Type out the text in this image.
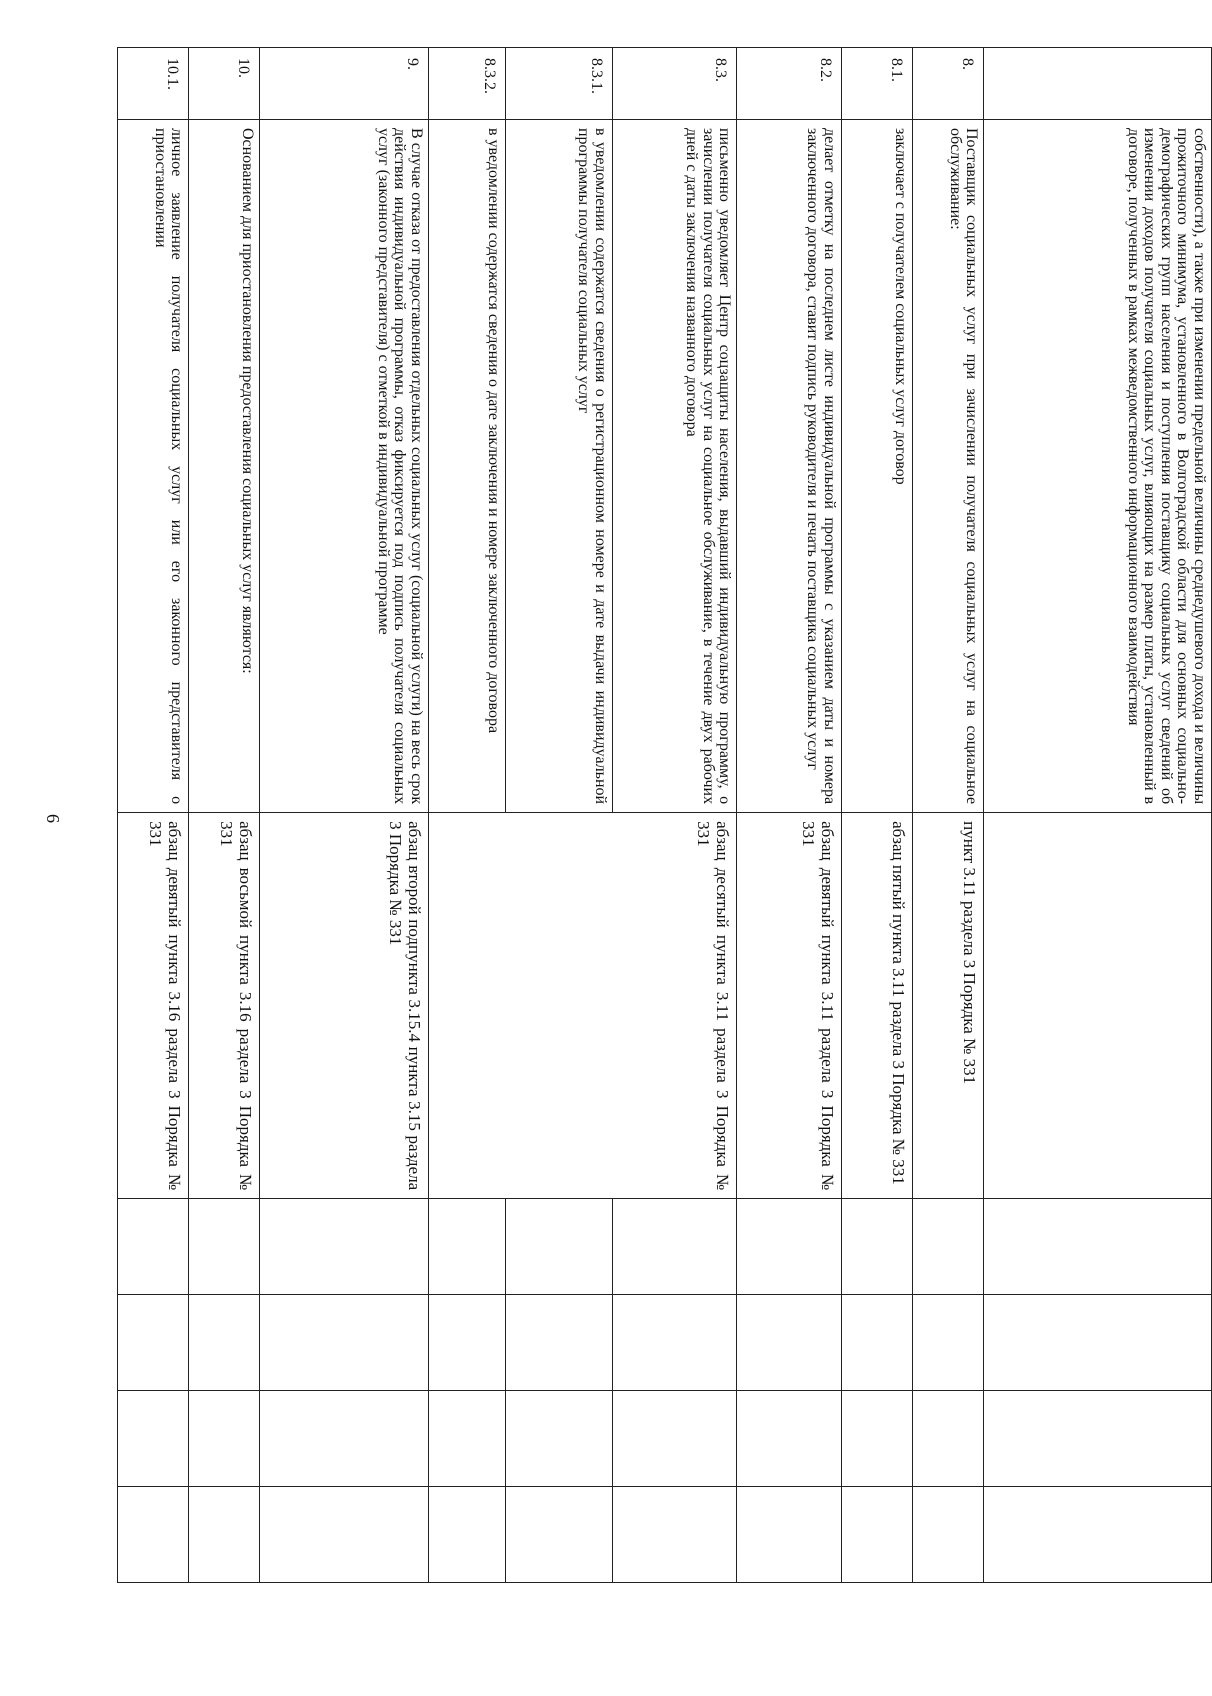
6
	собственности), а также при изменении предельной величины среднедушевого дохода и величины прожиточного минимума, установленного в Волгоградской области для основных социально-демографических групп населения и поступления поставщику социальных услуг сведений об изменении доходов получателя социальных услуг, влияющих на размер платы, установленный в договоре, полученных в рамках межведомственного информационного взаимодействия					
8.	Поставщик социальных услуг при зачислении получателя социальных услуг на социальное обслуживание:	пункт 3.11 раздела 3 Порядка № 331				
8.1.	заключает с получателем социальных услуг договор	абзац пятый пункта 3.11 раздела 3 Порядка № 331				
8.2.	делает отметку на последнем листе индивидуальной программы с указанием даты и номера заключенного договора, ставит подпись руководителя и печать поставщика социальных услуг	абзац девятый пункта 3.11 раздела 3 Порядка № 331				
8.3.	письменно уведомляет Центр соцзащиты населения, выдавший индивидуальную программу, о зачислении получателя социальных услуг на социальное обслуживание, в течение двух рабочих дней с даты заключения названного договора	абзац десятый пункта 3.11 раздела 3 Порядка № 331				
8.3.1.	в уведомлении содержатся сведения о регистрационном номере и дате выдачи индивидуальной программы получателя социальных услуг					
8.3.2.	в уведомлении содержатся сведения о дате заключения и номере заключенного договора					
9.	В случае отказа от предоставления отдельных социальных услуг (социальной услуги) на весь срок действия индивидуальной программы, отказ фиксируется под подпись получателя социальных услуг (законного представителя) с отметкой в индивидуальной программе	абзац второй подпункта 3.15.4 пункта 3.15 раздела 3 Порядка № 331				
10.	Основанием для приостановления предоставления социальных услуг являются:	абзац восьмой пункта 3.16 раздела 3 Порядка № 331				
10.1.	личное заявление получателя социальных услуг или его законного представителя о приостановлении	абзац девятый пункта 3.16 раздела 3 Порядка № 331				
